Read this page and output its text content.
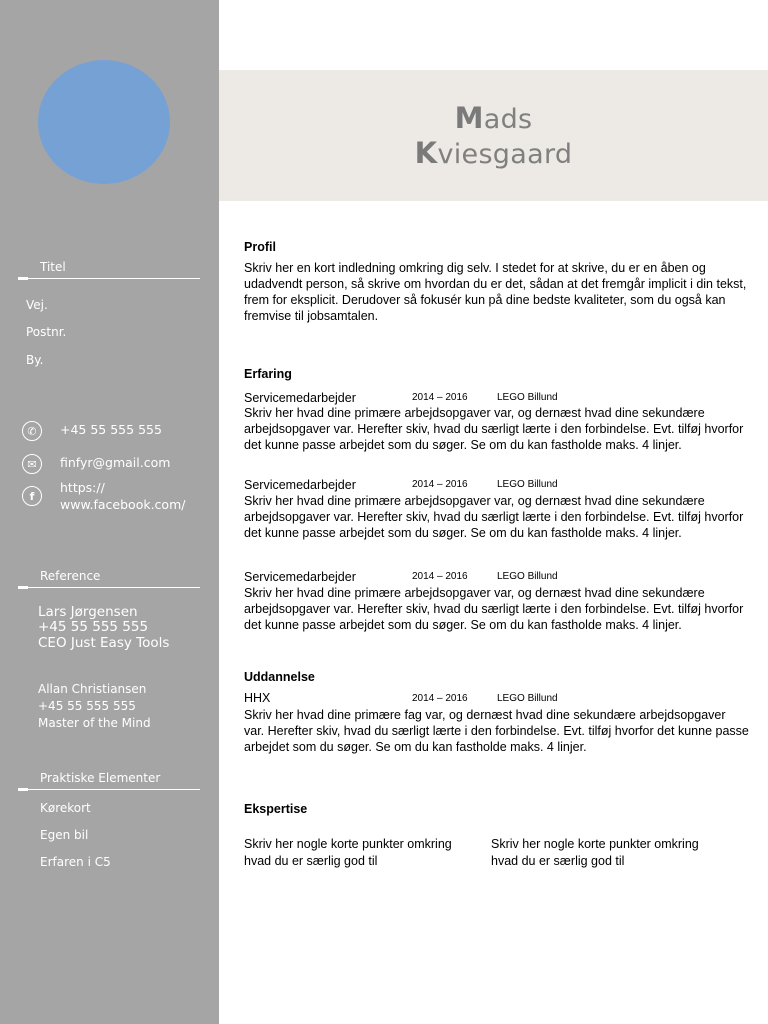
Titel
Vej.
Postnr.
By.
✆	+45 55 555 555
✉	finfyr@gmail.com
f
https://
www.facebook.com/
Reference
Lars Jørgensen
+45 55 555 555
CEO Just Easy Tools
Allan Christiansen
+45 55 555 555
Master of the Mind
Praktiske Elementer
Kørekort
Egen bil
Erfaren i C5
Mads
Kviesgaard
Profil
Skriv her en kort indledning omkring dig selv. I stedet for at skrive, du er en åben og udadvendt person, så skrive om hvordan du er det, sådan at det fremgår implicit i din tekst, frem for eksplicit. Derudover så fokusér kun på dine bedste kvaliteter, som du også kan fremvise til jobsamtalen.
Erfaring
Servicemedarbejder	2014 – 2016	LEGO Billund
Skriv her hvad dine primære arbejdsopgaver var, og dernæst hvad dine sekundære arbejdsopgaver var. Herefter skiv, hvad du særligt lærte i den forbindelse. Evt. tilføj hvorfor det kunne passe arbejdet som du søger. Se om du kan fastholde maks. 4 linjer.
Servicemedarbejder	2014 – 2016	LEGO Billund
Skriv her hvad dine primære arbejdsopgaver var, og dernæst hvad dine sekundære arbejdsopgaver var. Herefter skiv, hvad du særligt lærte i den forbindelse. Evt. tilføj hvorfor det kunne passe arbejdet som du søger. Se om du kan fastholde maks. 4 linjer.
Servicemedarbejder	2014 – 2016	LEGO Billund
Skriv her hvad dine primære arbejdsopgaver var, og dernæst hvad dine sekundære arbejdsopgaver var. Herefter skiv, hvad du særligt lærte i den forbindelse. Evt. tilføj hvorfor det kunne passe arbejdet som du søger. Se om du kan fastholde maks. 4 linjer.
Uddannelse
HHX	2014 – 2016	LEGO Billund
Skriv her hvad dine primære fag var, og dernæst hvad dine sekundære arbejdsopgaver var. Herefter skiv, hvad du særligt lærte i den forbindelse. Evt. tilføj hvorfor det kunne passe arbejdet som du søger. Se om du kan fastholde maks. 4 linjer.
Ekspertise
Skriv her nogle korte punkter omkring hvad du er særlig god til
Skriv her nogle korte punkter omkring hvad du er særlig god til
